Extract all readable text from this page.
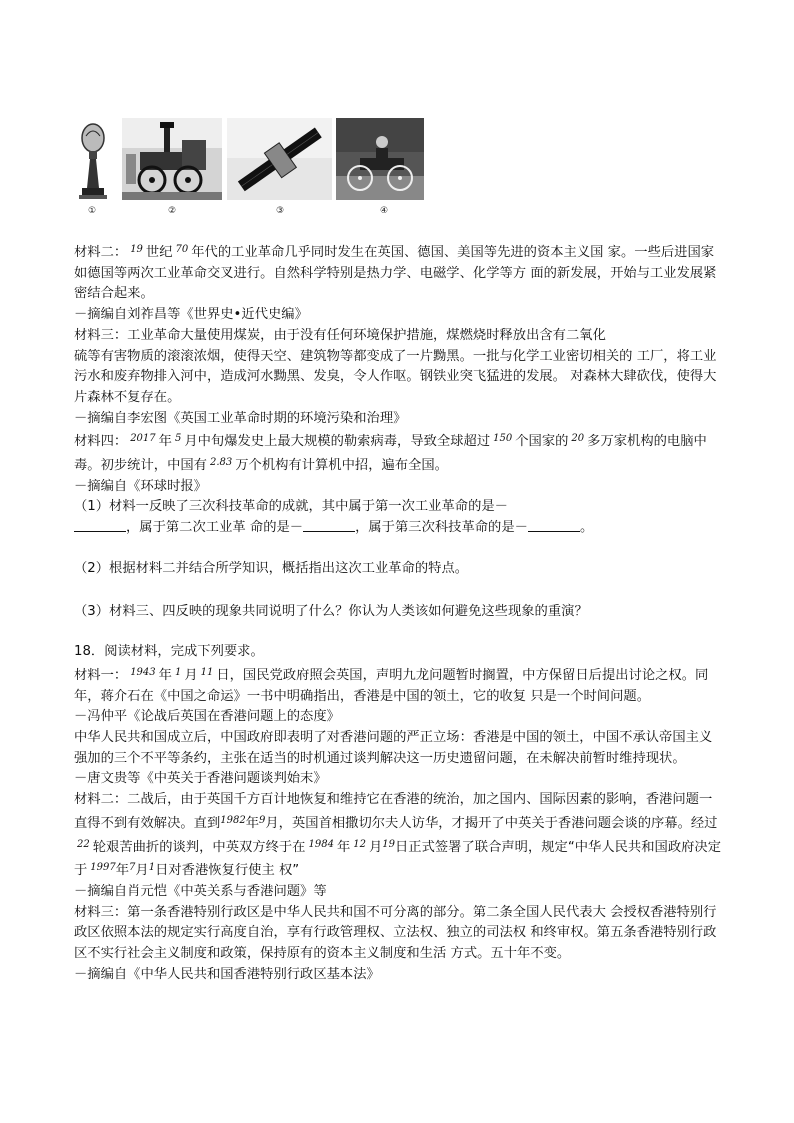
①	②	③	④

材料二： $^{19}$ 世纪 $^{70}$ 年代的工业革命几乎同时发生在英国、德国、美国等先进的资本主义国 家。一些后进国家如德国等两次工业革命交叉进行。自然科学特别是热力学、电磁学、化学等方 面的新发展，开始与工业发展紧密结合起来。

－摘编自刘祚昌等《世界史•近代史编》

材料三：工业革命大量使用煤炭，由于没有任何环境保护措施，煤燃烧时释放出含有二氧化

硫等有害物质的滚滚浓烟，使得天空、建筑物等都变成了一片黝黑。一批与化学工业密切相关的 工厂，将工业污水和废弃物排入河中，造成河水黝黑、发臭，令人作呕。钢铁业突飞猛进的发展。 对森林大肆砍伐，使得大片森林不复存在。

－摘编自李宏图《英国工业革命时期的环境污染和治理》

材料四： $^{2017}$ 年 $^5$ 月中旬爆发史上最大规模的勒索病毒，导致全球超过 $^{150}$ 个国家的 $^{20}$ 多万家机构的电脑中毒。初步统计，中国有 $^{2.83}$ 万个机构有计算机中招，遍布全国。

－摘编自《环球时报》

（1）材料一反映了三次科技革命的成就，其中属于第一次工业革命的是－
，属于第二次工业革 命的是－	，属于第三次科技革命的是－	。

（2）根据材料二并结合所学知识，概括指出这次工业革命的特点。

（3）材料三、四反映的现象共同说明了什么？你认为人类该如何避免这些现象的重演？

18．阅读材料，完成下列要求。

材料一： $^{1943}$ 年 $^1$ 月 $^{11}$ 日，国民党政府照会英国，声明九龙问题暂时搁置，中方保留日后提出讨论之权。同年，蒋介石在《中国之命运》一书中明确指出，香港是中国的领土，它的收复 只是一个时间问题。

－冯仲平《论战后英国在香港问题上的态度》

中华人民共和国成立后，中国政府即表明了对香港问题的严正立场：香港是中国的领土，中国不承认帝国主义强加的三个不平等条约，主张在适当的时机通过谈判解决这一历史遗留问题，在未解决前暂时维持现状。

－唐文贵等《中英关于香港问题谈判始末》

材料二：二战后，由于英国千方百计地恢复和维持它在香港的统治，加之国内、国际因素的影响，香港问题一直得不到有效解决。直到$^{1982}$年$^9$月，英国首相撒切尔夫人访华，才揭开了中英关于香港问题会谈的序幕。经过$^{22}$ 轮艰苦曲折的谈判，中英双方终于在 $^{1984}$ 年 $^{12}$ 月$^{19}$日正式签署了联合声明，规定“中华人民共和国政府决定于 $^{1997}$年$^7$月$^1$日对香港恢复行使主 权”

－摘编自肖元恺《中英关系与香港问题》等

材料三：第一条香港特别行政区是中华人民共和国不可分离的部分。第二条全国人民代表大 会授权香港特别行政区依照本法的规定实行高度自治，享有行政管理权、立法权、独立的司法权 和终审权。第五条香港特别行政区不实行社会主义制度和政策，保持原有的资本主义制度和生活 方式。五十年不变。

－摘编自《中华人民共和国香港特别行政区基本法》
